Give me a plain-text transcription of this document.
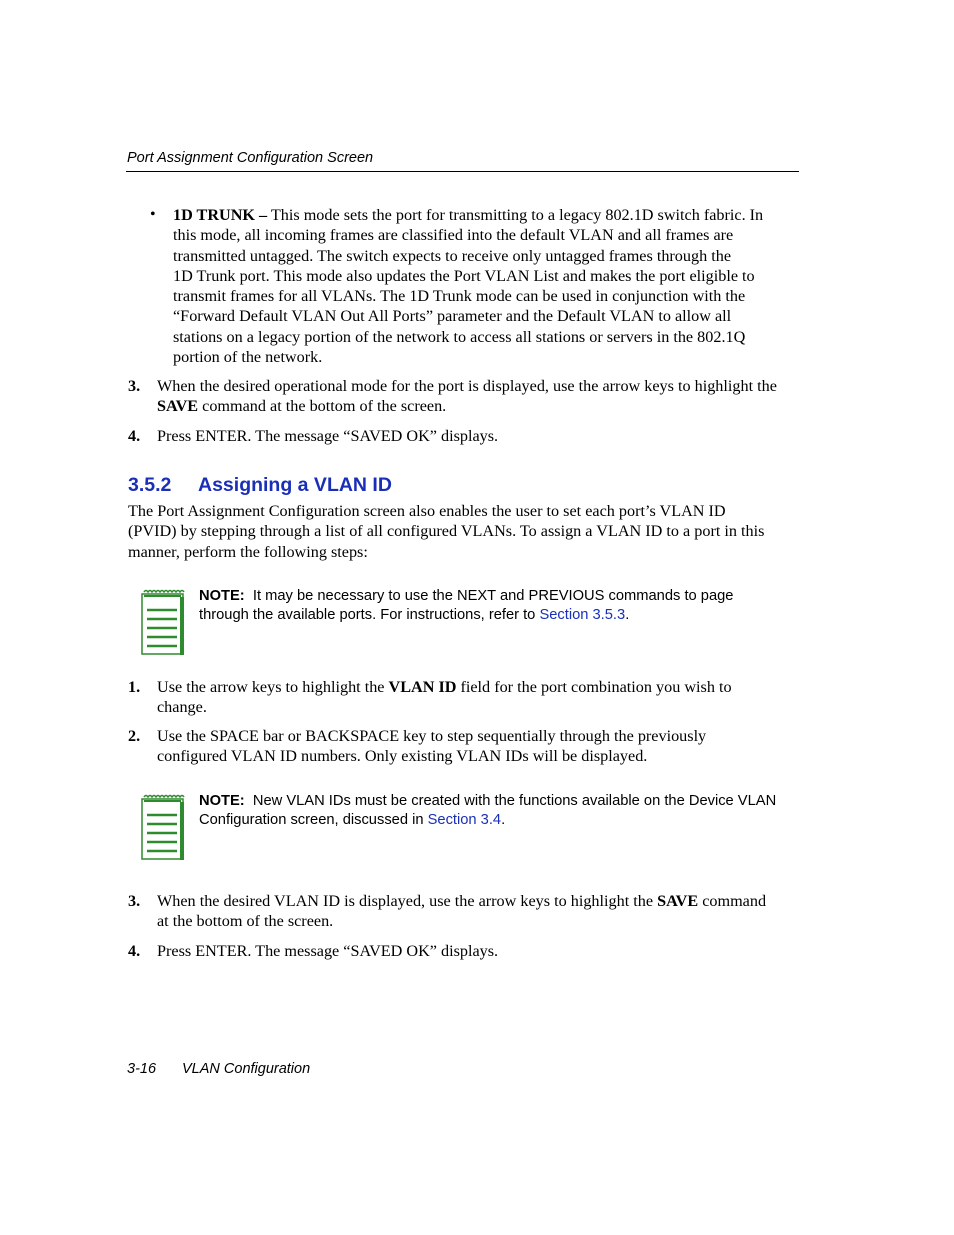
Port Assignment Configuration Screen
• 1D TRUNK – This mode sets the port for transmitting to a legacy 802.1D switch fabric. In
this mode, all incoming frames are classified into the default VLAN and all frames are
transmitted untagged. The switch expects to receive only untagged frames through the
1D Trunk port. This mode also updates the Port VLAN List and makes the port eligible to
transmit frames for all VLANs. The 1D Trunk mode can be used in conjunction with the
“Forward Default VLAN Out All Ports” parameter and the Default VLAN to allow all
stations on a legacy portion of the network to access all stations or servers in the 802.1Q
portion of the network.
3. When the desired operational mode for the port is displayed, use the arrow keys to highlight the
SAVE command at the bottom of the screen.
4. Press ENTER. The message “SAVED OK” displays.
3.5.2 Assigning a VLAN ID
The Port Assignment Configuration screen also enables the user to set each port’s VLAN ID
(PVID) by stepping through a list of all configured VLANs. To assign a VLAN ID to a port in this
manner, perform the following steps:
NOTE: It may be necessary to use the NEXT and PREVIOUS commands to page
through the available ports. For instructions, refer to Section 3.5.3.
1. Use the arrow keys to highlight the VLAN ID field for the port combination you wish to
change.
2. Use the SPACE bar or BACKSPACE key to step sequentially through the previously
configured VLAN ID numbers. Only existing VLAN IDs will be displayed.
NOTE: New VLAN IDs must be created with the functions available on the Device VLAN
Configuration screen, discussed in Section 3.4.
3. When the desired VLAN ID is displayed, use the arrow keys to highlight the SAVE command
at the bottom of the screen.
4. Press ENTER. The message “SAVED OK” displays.
3-16 VLAN Configuration
